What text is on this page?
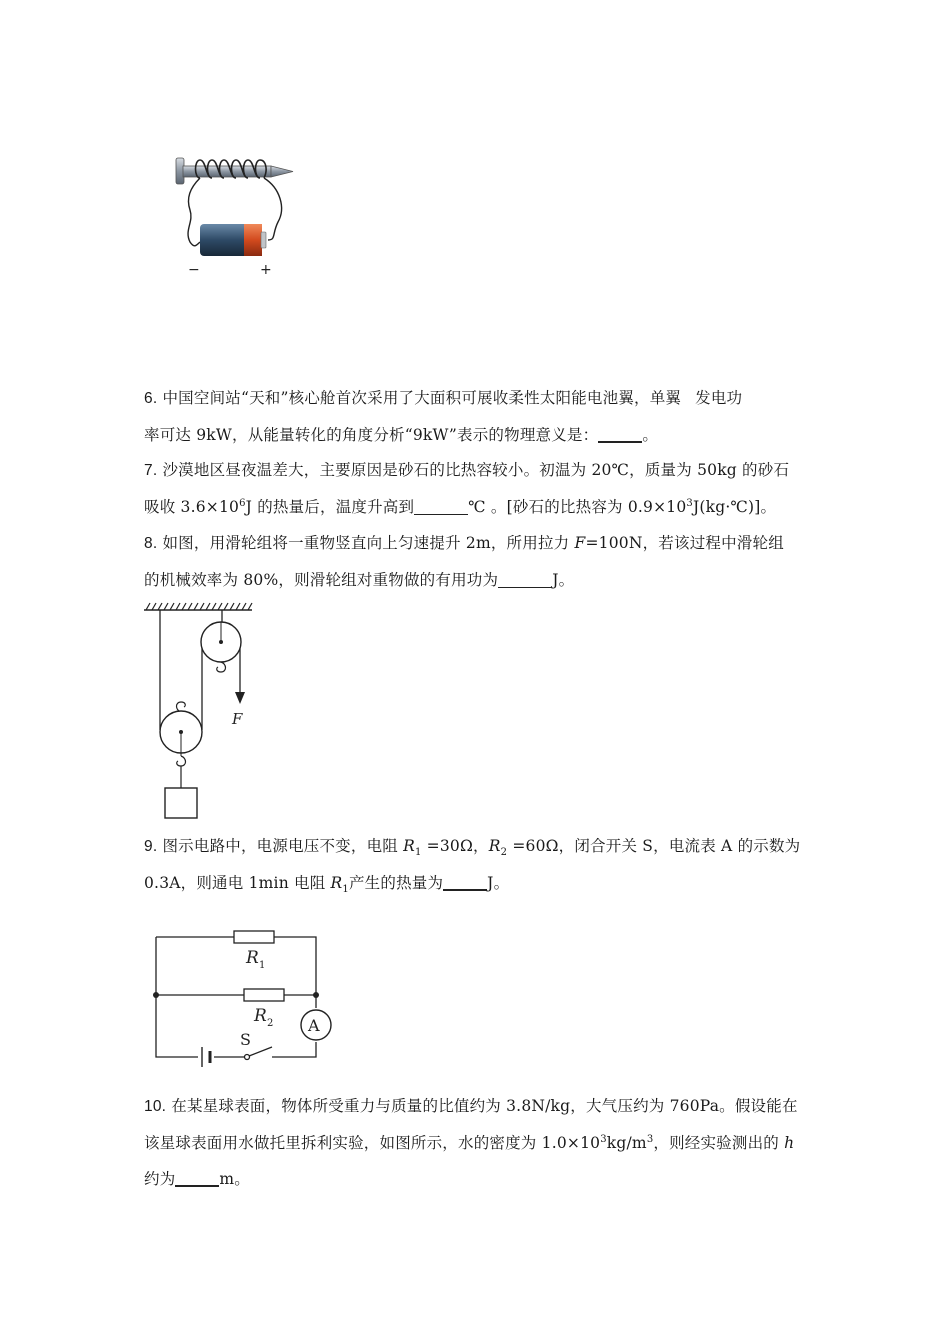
−	+

6. 中国空间站“天和”核心舱首次采用了大面积可展收柔性太阳能电池翼，单翼 发电功

率可达 9kW，从能量转化的角度分析“9kW”表示的物理意义是：	。

7. 沙漠地区昼夜温差大，主要原因是砂石的比热容较小。初温为 20℃，质量为 50kg 的砂石

吸收 $3.6\times 10^6J$ 的热量后，温度升高到	℃ 。[砂石的比热容为 $0.9\times 10^3J(kg\cdot℃)$]。

8. 如图，用滑轮组将一重物竖直向上匀速提升 2m，所用拉力 F=100N，若该过程中滑轮组

的机械效率为 80%，则滑轮组对重物做的有用功为	J。

F

9. 图示电路中，电源电压不变，电阻 $R_1 =30\Omega$，$R_2 =60\Omega$，闭合开关 S，电流表 A 的示数为

0.3A，则通电 1min 电阻 $R_1$产生的热量为	J。

A
R 1
R 2
S

10. 在某星球表面，物体所受重力与质量的比值约为 3.8N/kg，大气压约为 760Pa。假设能在

该星球表面用水做托里拆利实验，如图所示，水的密度为 $1.0\times 10^3kg/m^3$，则经实验测出的 h

约为	m。
